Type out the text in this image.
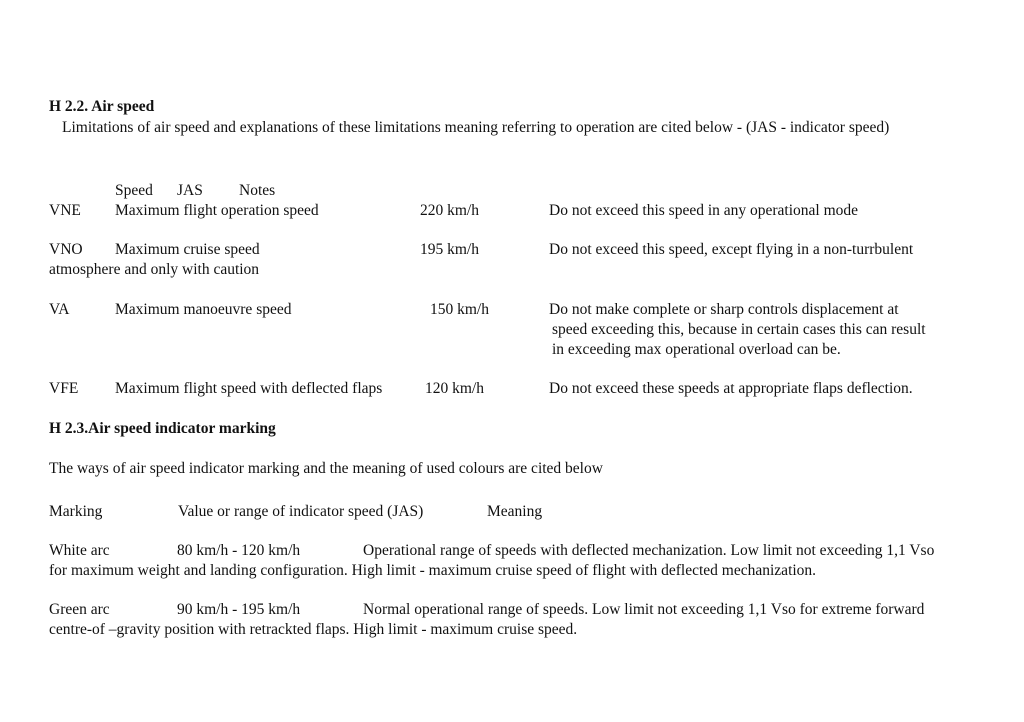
H 2.2. Air speed
Limitations of air speed and explanations of these limitations meaning referring to operation are cited below - (JAS - indicator speed)
Speed JAS Notes
VNE Maximum flight operation speed	220 km/h	Do not exceed this speed in any operational mode
VNO Maximum cruise speed	195 km/h	Do not exceed this speed, except flying in a non-turrbulent
atmosphere and only with caution
VA	Maximum manoeuvre speed	150 km/h	Do not make complete or sharp controls displacement at
speed exceeding this, because in certain cases this can result
in exceeding max operational overload can be.
VFE Maximum flight speed with deflected flaps	120 km/h	Do not exceed these speeds at appropriate flaps deflection.
H 2.3.Air speed indicator marking
The ways of air speed indicator marking and the meaning of used colours are cited below
Marking	Value or range of indicator speed (JAS)	Meaning
White arc	80 km/h - 120 km/h	Operational range of speeds with deflected mechanization. Low limit not exceeding 1,1 Vso
for maximum weight and landing configuration. High limit - maximum cruise speed of flight with deflected mechanization.
Green arc	90 km/h - 195 km/h	Normal operational range of speeds. Low limit not exceeding 1,1 Vso for extreme forward
centre-of –gravity position with retrackted flaps. High limit - maximum cruise speed.
